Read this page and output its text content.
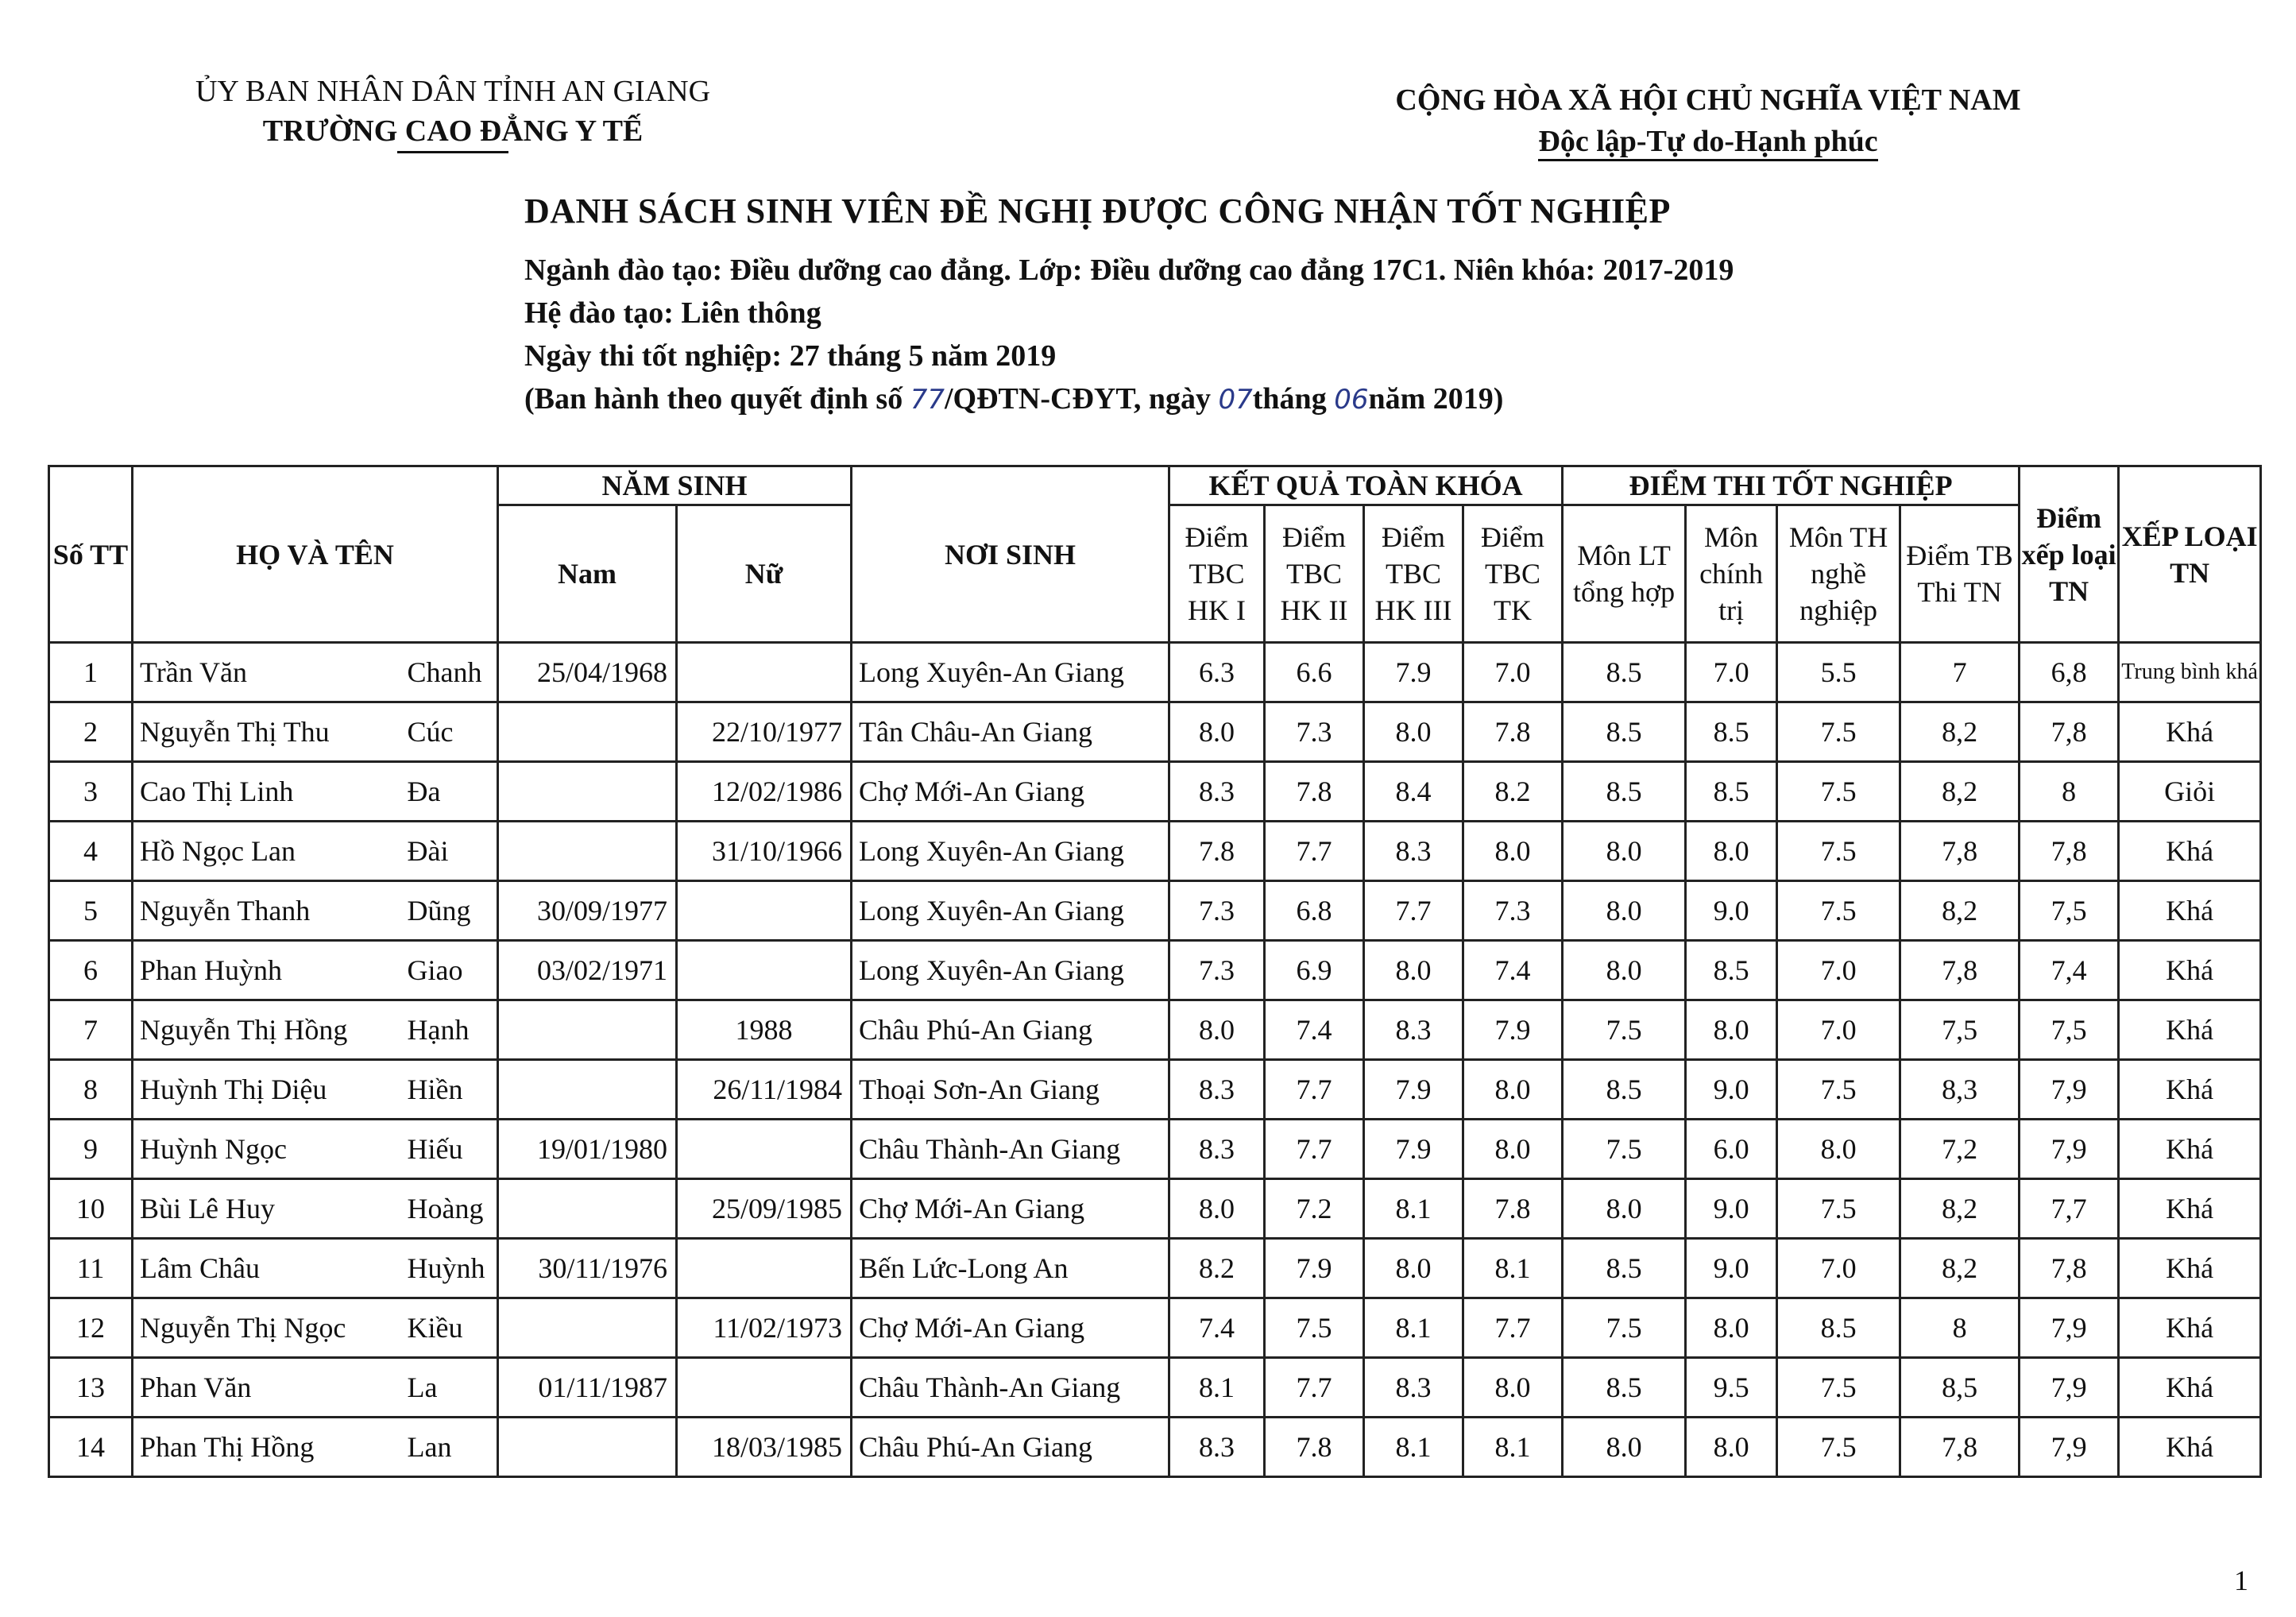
ỦY BAN NHÂN DÂN TỈNH AN GIANG
TRƯỜNG CAO ĐẲNG Y TẾ
CỘNG HÒA XÃ HỘI CHỦ NGHĨA VIỆT NAM
Độc lập-Tự do-Hạnh phúc
DANH SÁCH SINH VIÊN ĐỀ NGHỊ ĐƯỢC CÔNG NHẬN TỐT NGHIỆP
Ngành đào tạo: Điều dưỡng cao đẳng. Lớp: Điều dưỡng cao đẳng 17C1. Niên khóa: 2017-2019
Hệ đào tạo: Liên thông
Ngày thi tốt nghiệp: 27 tháng 5 năm 2019
(Ban hành theo quyết định số 77/QĐTN-CĐYT, ngày 07tháng 06năm 2019)
Số TT	HỌ VÀ TÊN		NĂM SINH		NƠI SINH	KẾT QUẢ TOÀN KHÓA				ĐIỂM THI TỐT NGHIỆP				Điểm xếp loại TN	XẾP LOẠI TN
			Nam	Nữ		Điểm TBC HK I	Điểm TBC HK II	Điểm TBC HK III	Điểm TBC TK	Môn LT tổng hợp	Môn chính trị	Môn TH nghề nghiệp	Điểm TB Thi TN		
1	Trần Văn	Chanh	25/04/1968		Long Xuyên-An Giang	6.3	6.6	7.9	7.0	8.5	7.0	5.5	7	6,8	Trung bình khá
2	Nguyễn Thị Thu	Cúc		22/10/1977	Tân Châu-An Giang	8.0	7.3	8.0	7.8	8.5	8.5	7.5	8,2	7,8	Khá
3	Cao Thị Linh	Đa		12/02/1986	Chợ Mới-An Giang	8.3	7.8	8.4	8.2	8.5	8.5	7.5	8,2	8	Giỏi
4	Hồ Ngọc Lan	Đài		31/10/1966	Long Xuyên-An Giang	7.8	7.7	8.3	8.0	8.0	8.0	7.5	7,8	7,8	Khá
5	Nguyễn Thanh	Dũng	30/09/1977		Long Xuyên-An Giang	7.3	6.8	7.7	7.3	8.0	9.0	7.5	8,2	7,5	Khá
6	Phan Huỳnh	Giao	03/02/1971		Long Xuyên-An Giang	7.3	6.9	8.0	7.4	8.0	8.5	7.0	7,8	7,4	Khá
7	Nguyễn Thị Hồng	Hạnh		1988	Châu Phú-An Giang	8.0	7.4	8.3	7.9	7.5	8.0	7.0	7,5	7,5	Khá
8	Huỳnh Thị Diệu	Hiền		26/11/1984	Thoại Sơn-An Giang	8.3	7.7	7.9	8.0	8.5	9.0	7.5	8,3	7,9	Khá
9	Huỳnh Ngọc	Hiếu	19/01/1980		Châu Thành-An Giang	8.3	7.7	7.9	8.0	7.5	6.0	8.0	7,2	7,9	Khá
10	Bùi Lê Huy	Hoàng		25/09/1985	Chợ Mới-An Giang	8.0	7.2	8.1	7.8	8.0	9.0	7.5	8,2	7,7	Khá
11	Lâm Châu	Huỳnh	30/11/1976		Bến Lức-Long An	8.2	7.9	8.0	8.1	8.5	9.0	7.0	8,2	7,8	Khá
12	Nguyễn Thị Ngọc	Kiều		11/02/1973	Chợ Mới-An Giang	7.4	7.5	8.1	7.7	7.5	8.0	8.5	8	7,9	Khá
13	Phan Văn	La	01/11/1987		Châu Thành-An Giang	8.1	7.7	8.3	8.0	8.5	9.5	7.5	8,5	7,9	Khá
14	Phan Thị Hồng	Lan		18/03/1985	Châu Phú-An Giang	8.3	7.8	8.1	8.1	8.0	8.0	7.5	7,8	7,9	Khá
1
